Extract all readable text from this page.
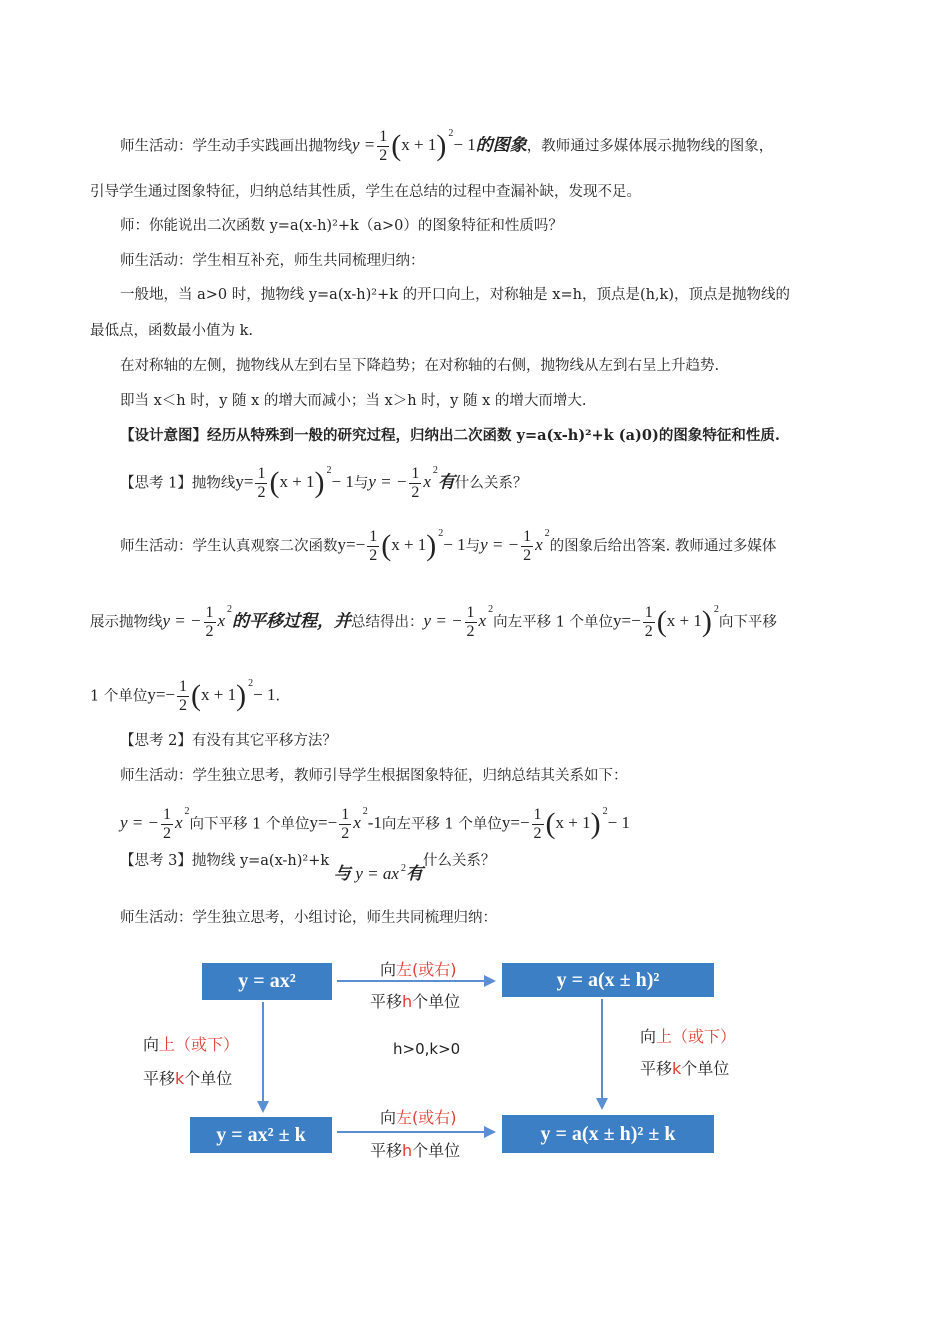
师生活动：学生动手实践画出抛物线$y = \frac{1}{2} (x + 1)$ $^2$− 1的图象，教师通过多媒体展示抛物线的图象，
引导学生通过图象特征，归纳总结其性质，学生在总结的过程中查漏补缺，发现不足。
师：你能说出二次函数 y=a(x-h)²+k（a>0）的图象特征和性质吗？
师生活动：学生相互补充，师生共同梳理归纳：
一般地，当 a>0 时，抛物线 y=a(x-h)²+k 的开口向上，对称轴是 x=h，顶点是(h,k)，顶点是抛物线的
最低点，函数最小值为 k.
在对称轴的左侧，抛物线从左到右呈下降趋势；在对称轴的右侧，抛物线从左到右呈上升趋势.
即当 x＜h 时，y 随 x 的增大而减小；当 x＞h 时，y 随 x 的增大而增大.
【设计意图】经历从特殊到一般的研究过程，归纳出二次函数 y=a(x-h)²+k (a)0)的图象特征和性质.
【思考 1】抛物线$y= \frac{1}{2} (x + 1)$ $^2$− 1与y = − $\frac{1}{2} x^2$有什么关系？
师生活动：学生认真观察二次函数$y=- \frac{1}{2} (x + 1)$ $^2$− 1与y = − $\frac{1}{2} x^2$的图象后给出答案. 教师通过多媒体
展示抛物线y = − $\frac{1}{2} x^2$的平移过程，并总结得出：y = − $\frac{1}{2} x^2$向左平移 1 个单位$y=- \frac{1}{2} (x + 1)$ $^2$向下平移
1 个单位$y=- \frac{1}{2} (x + 1)$ $^2$− 1.
【思考 2】有没有其它平移方法？
师生活动：学生独立思考，教师引导学生根据图象特征，归纳总结其关系如下：
y = − $\frac{1}{2} x^2$向下平移 1 个单位$y=- \frac{1}{2} x^2-1$向左平移 1 个单位$y=- \frac{1}{2} (x + 1)$ $^2$− 1
【思考 3】抛物线 y=a(x-h)²+k 与 y = ax $^2$有什么关系？
师生活动：学生独立思考，小组讨论，师生共同梳理归纳：
y = ax²	y = a(x ± h)²
y = ax² ± k	y = a(x ± h)² ± k
向左(或右)
平移h个单位
向上（或下）
平移k个单位
h>0,k>0
向上（或下）
平移k个单位
向左(或右)
平移h个单位
